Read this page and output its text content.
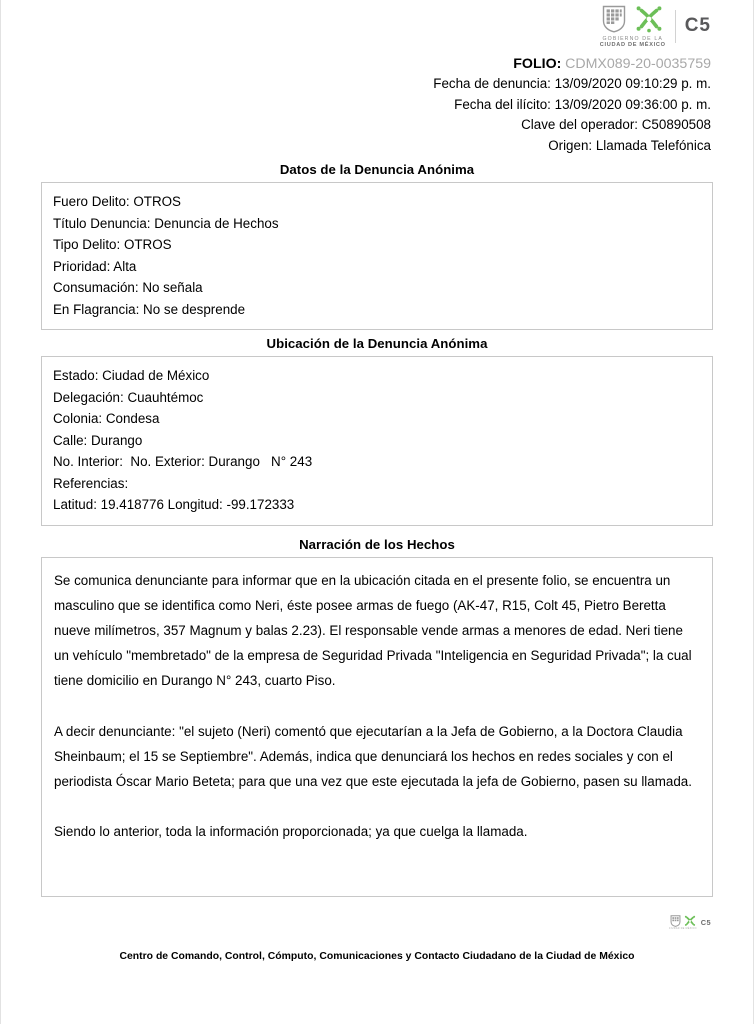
GOBIERNO DE LA
CIUDAD DE MÉXICO
C5
FOLIO: CDMX089-20-0035759
Fecha de denuncia: 13/09/2020 09:10:29 p. m.
Fecha del ilícito: 13/09/2020 09:36:00 p. m.
Clave del operador: C50890508
Origen: Llamada Telefónica
Datos de la Denuncia Anónima
Fuero Delito: OTROS
Título Denuncia: Denuncia de Hechos
Tipo Delito: OTROS
Prioridad: Alta
Consumación: No señala
En Flagrancia: No se desprende
Ubicación de la Denuncia Anónima
Estado: Ciudad de México
Delegación: Cuauhtémoc
Colonia: Condesa
Calle: Durango
No. Interior:  No. Exterior: Durango   N° 243
Referencias:
Latitud: 19.418776 Longitud: -99.172333
Narración de los Hechos

Se comunica denunciante para informar que en la ubicación citada en el presente folio, se encuentra un masculino que se identifica como Neri, éste posee armas de fuego (AK-47, R15, Colt 45, Pietro Beretta nueve milímetros, 357 Magnum y balas 2.23). El responsable vende armas a menores de edad. Neri tiene un vehículo "membretado" de la empresa de Seguridad Privada "Inteligencia en Seguridad Privada"; la cual tiene domicilio en Durango N° 243, cuarto Piso.

A decir denunciante: "el sujeto (Neri) comentó que ejecutarían a la Jefa de Gobierno, a la Doctora Claudia Sheinbaum; el 15 se Septiembre". Además, indica que denunciará los hechos en redes sociales y con el periodista Óscar Mario Beteta; para que una vez que este ejecutada la jefa de Gobierno, pasen su llamada.

Siendo lo anterior, toda la información proporcionada; ya que cuelga la llamada.

CIUDAD DE MÉXICO
C5
Centro de Comando, Control, Cómputo, Comunicaciones y Contacto Ciudadano de la Ciudad de México
